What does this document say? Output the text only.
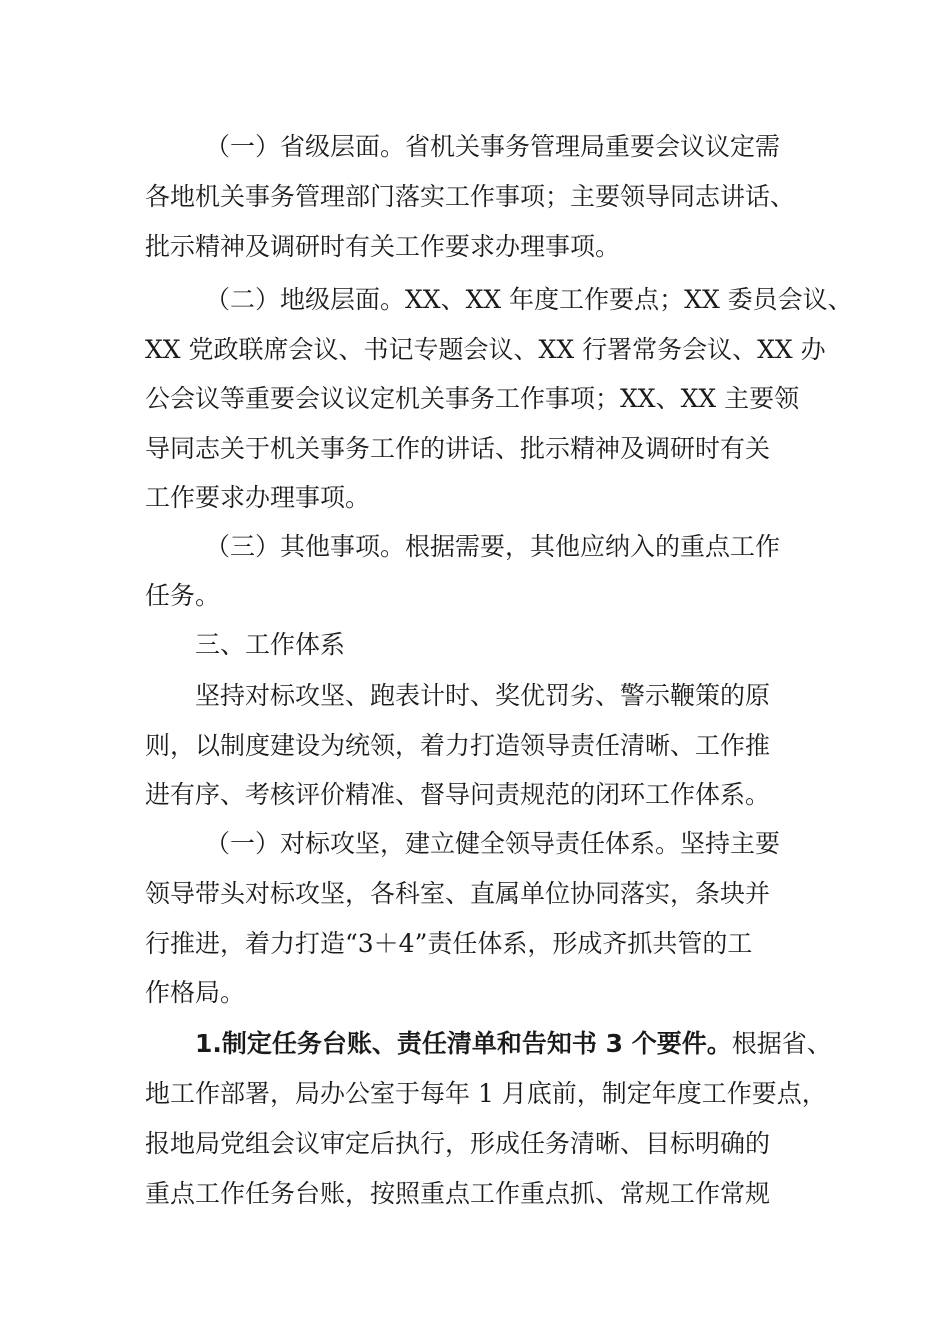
（一）省级层面。省机关事务管理局重要会议议定需
各地机关事务管理部门落实工作事项；主要领导同志讲话、
批示精神及调研时有关工作要求办理事项。
（二）地级层面。XX、XX 年度工作要点；XX 委员会议、
XX 党政联席会议、书记专题会议、XX 行署常务会议、XX 办
公会议等重要会议议定机关事务工作事项；XX、XX 主要领
导同志关于机关事务工作的讲话、批示精神及调研时有关
工作要求办理事项。
（三）其他事项。根据需要，其他应纳入的重点工作
任务。
三、工作体系
坚持对标攻坚、跑表计时、奖优罚劣、警示鞭策的原
则，以制度建设为统领，着力打造领导责任清晰、工作推
进有序、考核评价精准、督导问责规范的闭环工作体系。
（一）对标攻坚，建立健全领导责任体系。坚持主要
领导带头对标攻坚，各科室、直属单位协同落实，条块并
行推进，着力打造“3＋4”责任体系，形成齐抓共管的工
作格局。
1.制定任务台账、责任清单和告知书 3 个要件。根据省、
地工作部署，局办公室于每年 1 月底前，制定年度工作要点，
报地局党组会议审定后执行，形成任务清晰、目标明确的
重点工作任务台账，按照重点工作重点抓、常规工作常规
